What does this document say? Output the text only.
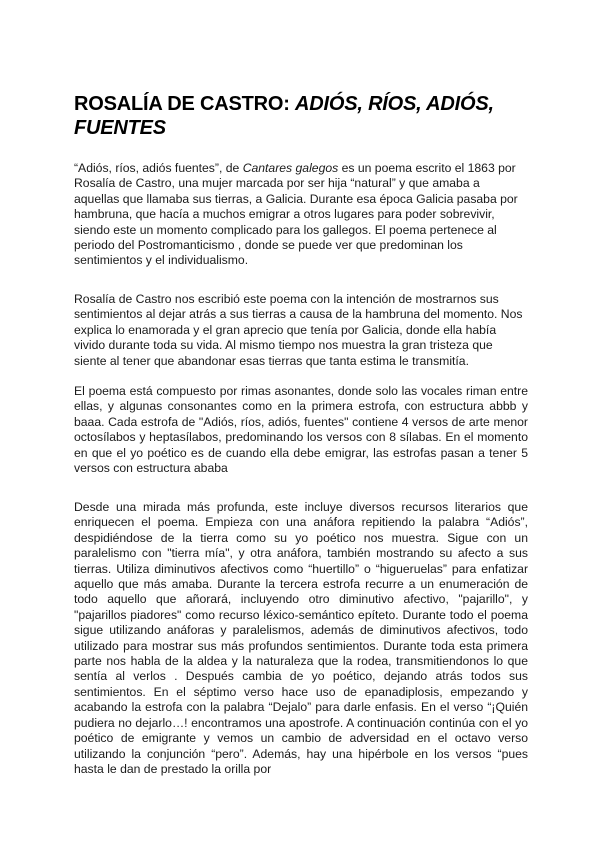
ROSALÍA DE CASTRO: ADIÓS, RÍOS, ADIÓS, FUENTES

“Adiós, ríos, adiós fuentes”, de Cantares galegos es un poema escrito el 1863 por Rosalía de Castro, una mujer marcada por ser hija “natural” y que amaba a aquellas que llamaba sus tierras, a Galicia. Durante esa época Galicia pasaba por hambruna, que hacía a muchos emigrar a otros lugares para poder sobrevivir, siendo este un momento complicado para los gallegos. El poema pertenece al periodo del Postromanticismo , donde se puede ver que predominan los sentimientos y el individualismo.

Rosalía de Castro nos escribió este poema con la intención de mostrarnos sus sentimientos al dejar atrás a sus tierras a causa de la hambruna del momento. Nos explica lo enamorada y el gran aprecio que tenía por Galicia, donde ella había vivido durante toda su vida. Al mismo tiempo nos muestra la gran tristeza que siente al tener que abandonar esas tierras que tanta estima le transmitía.

El poema está compuesto por rimas asonantes, donde solo las vocales riman entre ellas, y algunas consonantes como en la primera estrofa, con estructura abbb y baaa. Cada estrofa de "Adiós, ríos, adiós, fuentes" contiene 4 versos de arte menor octosílabos y heptasílabos, predominando los versos con 8 sílabas. En el momento en que el yo poético es de cuando ella debe emigrar, las estrofas pasan a tener 5 versos con estructura ababa

Desde una mirada más profunda, este incluye diversos recursos literarios que enriquecen el poema. Empieza con una anáfora repitiendo la palabra “Adiós”, despidiéndose de la tierra como su yo poético nos muestra. Sigue con un paralelismo con "tierra mía", y otra anáfora, también mostrando su afecto a sus tierras. Utiliza diminutivos afectivos como “huertillo” o “higueruelas” para enfatizar aquello que más amaba. Durante la tercera estrofa recurre a un enumeración de todo aquello que añorará, incluyendo otro diminutivo afectivo, "pajarillo", y "pajarillos piadores" como recurso léxico-semántico epíteto. Durante todo el poema sigue utilizando anáforas y paralelismos, además de diminutivos afectivos, todo utilizado para mostrar sus más profundos sentimientos. Durante toda esta primera parte nos habla de la aldea y la naturaleza que la rodea, transmitiendonos lo que sentía al verlos . Después cambia de yo poético, dejando atrás todos sus sentimientos. En el séptimo verso hace uso de epanadiplosis, empezando y acabando la estrofa con la palabra “Dejalo” para darle enfasis. En el verso “¡Quién pudiera no dejarlo…! encontramos una apostrofe. A continuación continúa con el yo poético de emigrante y vemos un cambio de adversidad en el octavo verso utilizando la conjunción “pero”. Además, hay una hipérbole en los versos “pues hasta le dan de prestado la orilla por
